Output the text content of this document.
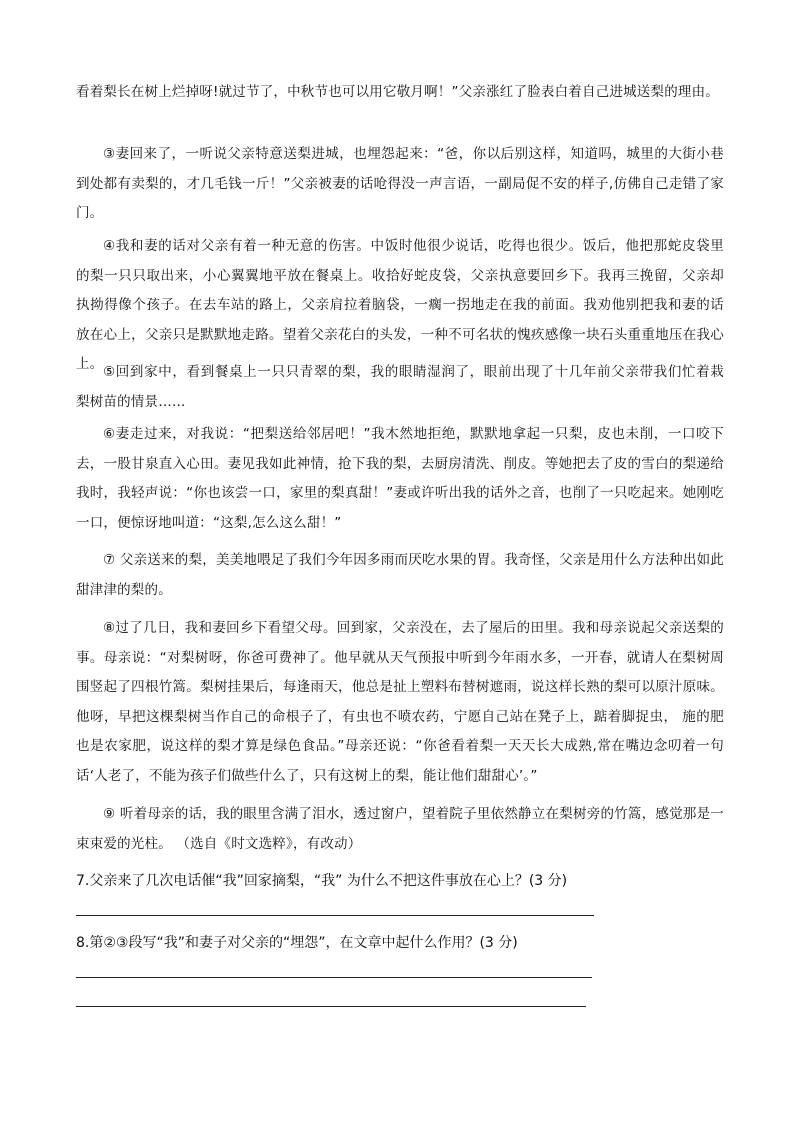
看着梨长在树上烂掉呀!就过节了，中秋节也可以用它敬月啊！”父亲涨红了脸表白着自己进城送梨的理由。

③妻回来了，一听说父亲特意送梨进城，也埋怨起来：“爸，你以后别这样，知道吗，城里的大街小巷到处都有卖梨的，才几毛钱一斤！”父亲被妻的话呛得没一声言语，一副局促不安的样子,仿佛自己走错了家门。

④我和妻的话对父亲有着一种无意的伤害。中饭时他很少说话，吃得也很少。饭后，他把那蛇皮袋里　　的梨一只只取出来，小心翼翼地平放在餐桌上。收拾好蛇皮袋，父亲执意要回乡下。我再三挽留，父亲却　执拗得像个孩子。在去车站的路上，父亲肩拉着脑袋，一瘸一拐地走在我的前面。我劝他别把我和妻的话　放在心上，父亲只是默默地走路。望着父亲花白的头发，一种不可名状的愧疚感像一块石头重重地压在我心上。 ⑤回到家中，看到餐桌上一只只青翠的梨，我的眼睛湿润了，眼前出现了十几年前父亲带我们忙着栽　　　梨树苗的情景……

⑥妻走过来，对我说：“把梨送给邻居吧！”我木然地拒绝，默默地拿起一只梨，皮也未削，一口咬下去，一股甘泉直入心田。妻见我如此神情，抢下我的梨，去厨房清洗、削皮。等她把去了皮的雪白的梨递给我时，我轻声说：“你也该尝一口，家里的梨真甜！”妻或许听出我的话外之音，也削了一只吃起来。她刚吃一口，便惊讶地叫道：“这梨,怎么这么甜！”

⑦ 父亲送来的梨，美美地喂足了我们今年因多雨而厌吃水果的胃。我奇怪，父亲是用什么方法种出如此甜津津的梨的。

⑧过了几日，我和妻回乡下看望父母。回到家，父亲没在，去了屋后的田里。我和母亲说起父亲送梨的事。母亲说：“对梨树呀，你爸可费神了。他早就从天气预报中听到今年雨水多，一开春，就请人在梨树周围竖起了四根竹篙。梨树挂果后，每逢雨天，他总是扯上塑料布替树遮雨，说这样长熟的梨可以原汁原味。他呀，早把这棵梨树当作自己的命根子了，有虫也不喷农药，宁愿自己站在凳子上，踮着脚捉虫， 施的肥也是农家肥，说这样的梨才算是绿色食品。”母亲还说：“你爸看着梨一天天长大成熟,常在嘴边念叨着一句话‘人老了，不能为孩子们做些什么了，只有这树上的梨，能让他们甜甜心’。”

⑨ 听着母亲的话，我的眼里含满了泪水，透过窗户，望着院子里依然静立在梨树旁的竹篙，感觉那是一束束爱的光柱。 （选自《时文选粹》，有改动）

7.父亲来了几次电话催“我”回家摘梨，“我” 为什么不把这件事放在心上？(3 分)

8.第②③段写“我”和妻子对父亲的“埋怨”，在文章中起什么作用？(3 分)
